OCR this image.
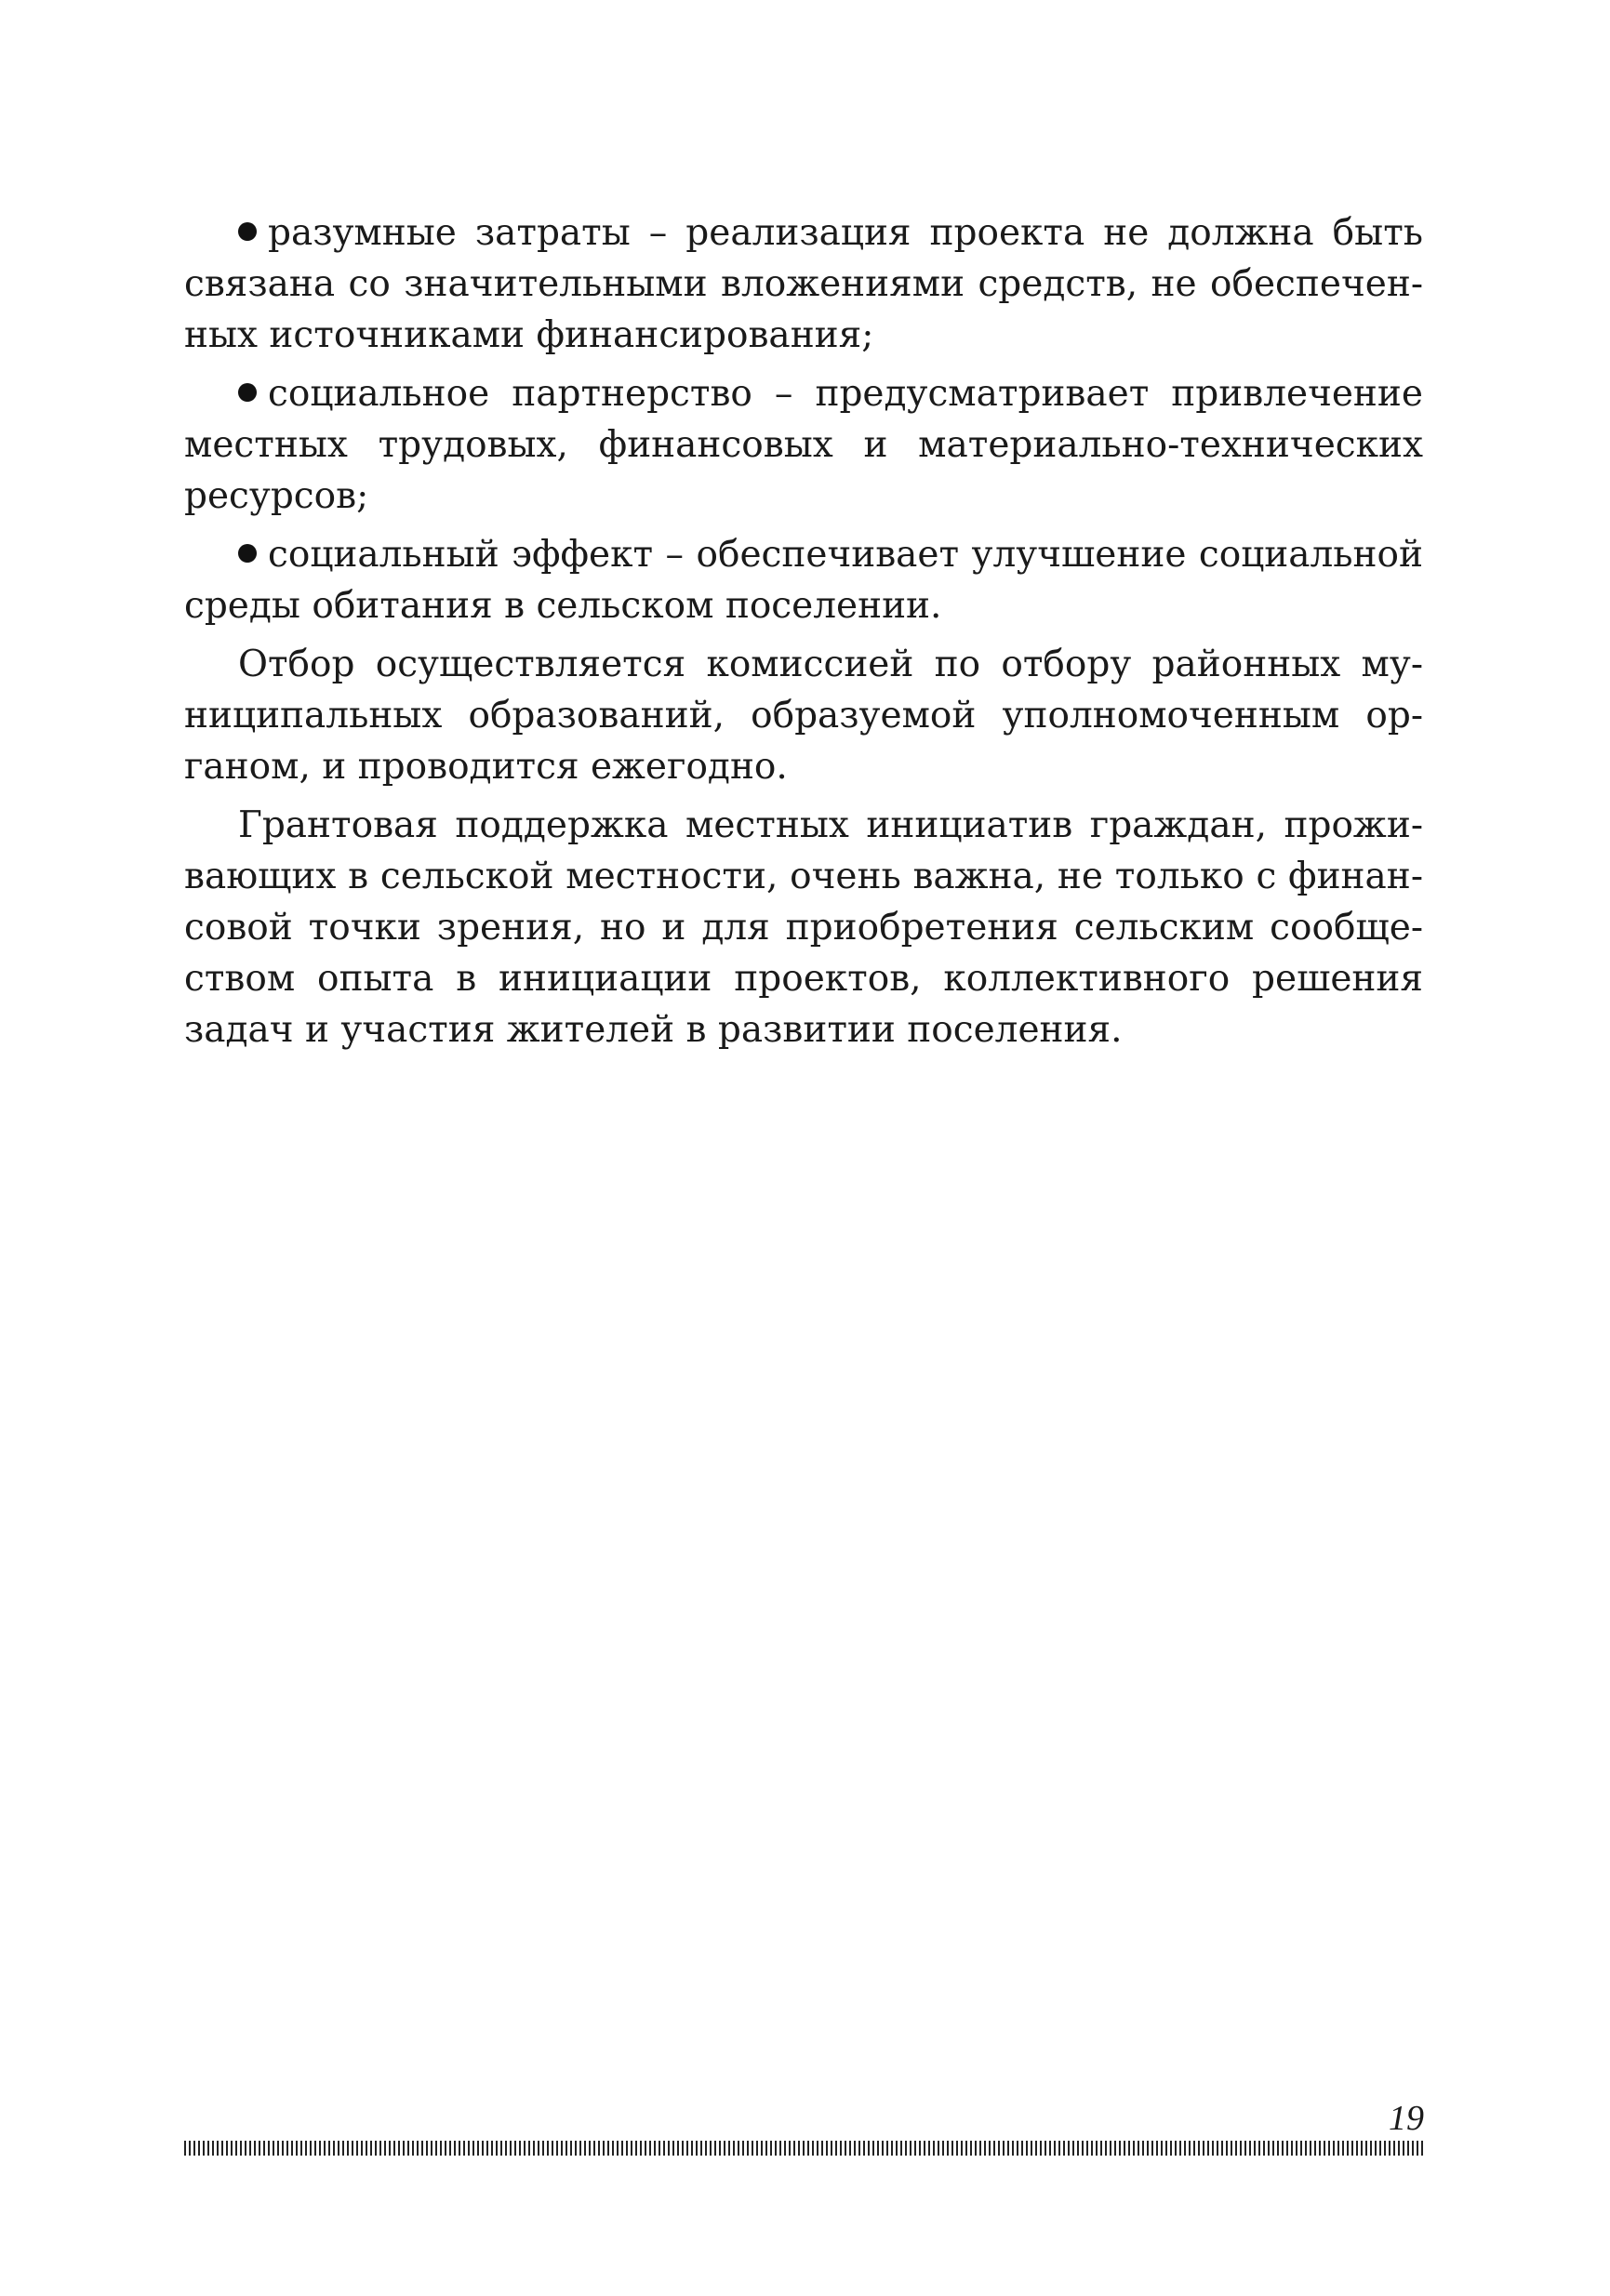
разумные затраты – реализация проекта не должна быть связана со значительными вложениями средств, не обеспеченных источниками финансирования;

социальное партнерство – предусматривает привлечение местных трудовых, финансовых и материально-технических ресурсов;

социальный эффект – обеспечивает улучшение социальной среды обитания в сельском поселении.

Отбор осуществляется комиссией по отбору районных муниципальных образований, образуемой уполномоченным органом, и проводится ежегодно.

Грантовая поддержка местных инициатив граждан, проживающих в сельской местности, очень важна, не только с финансовой точки зрения, но и для приобретения сельским сообществом опыта в инициации проектов, коллективного решения задач и участия жителей в развитии поселения.

19
